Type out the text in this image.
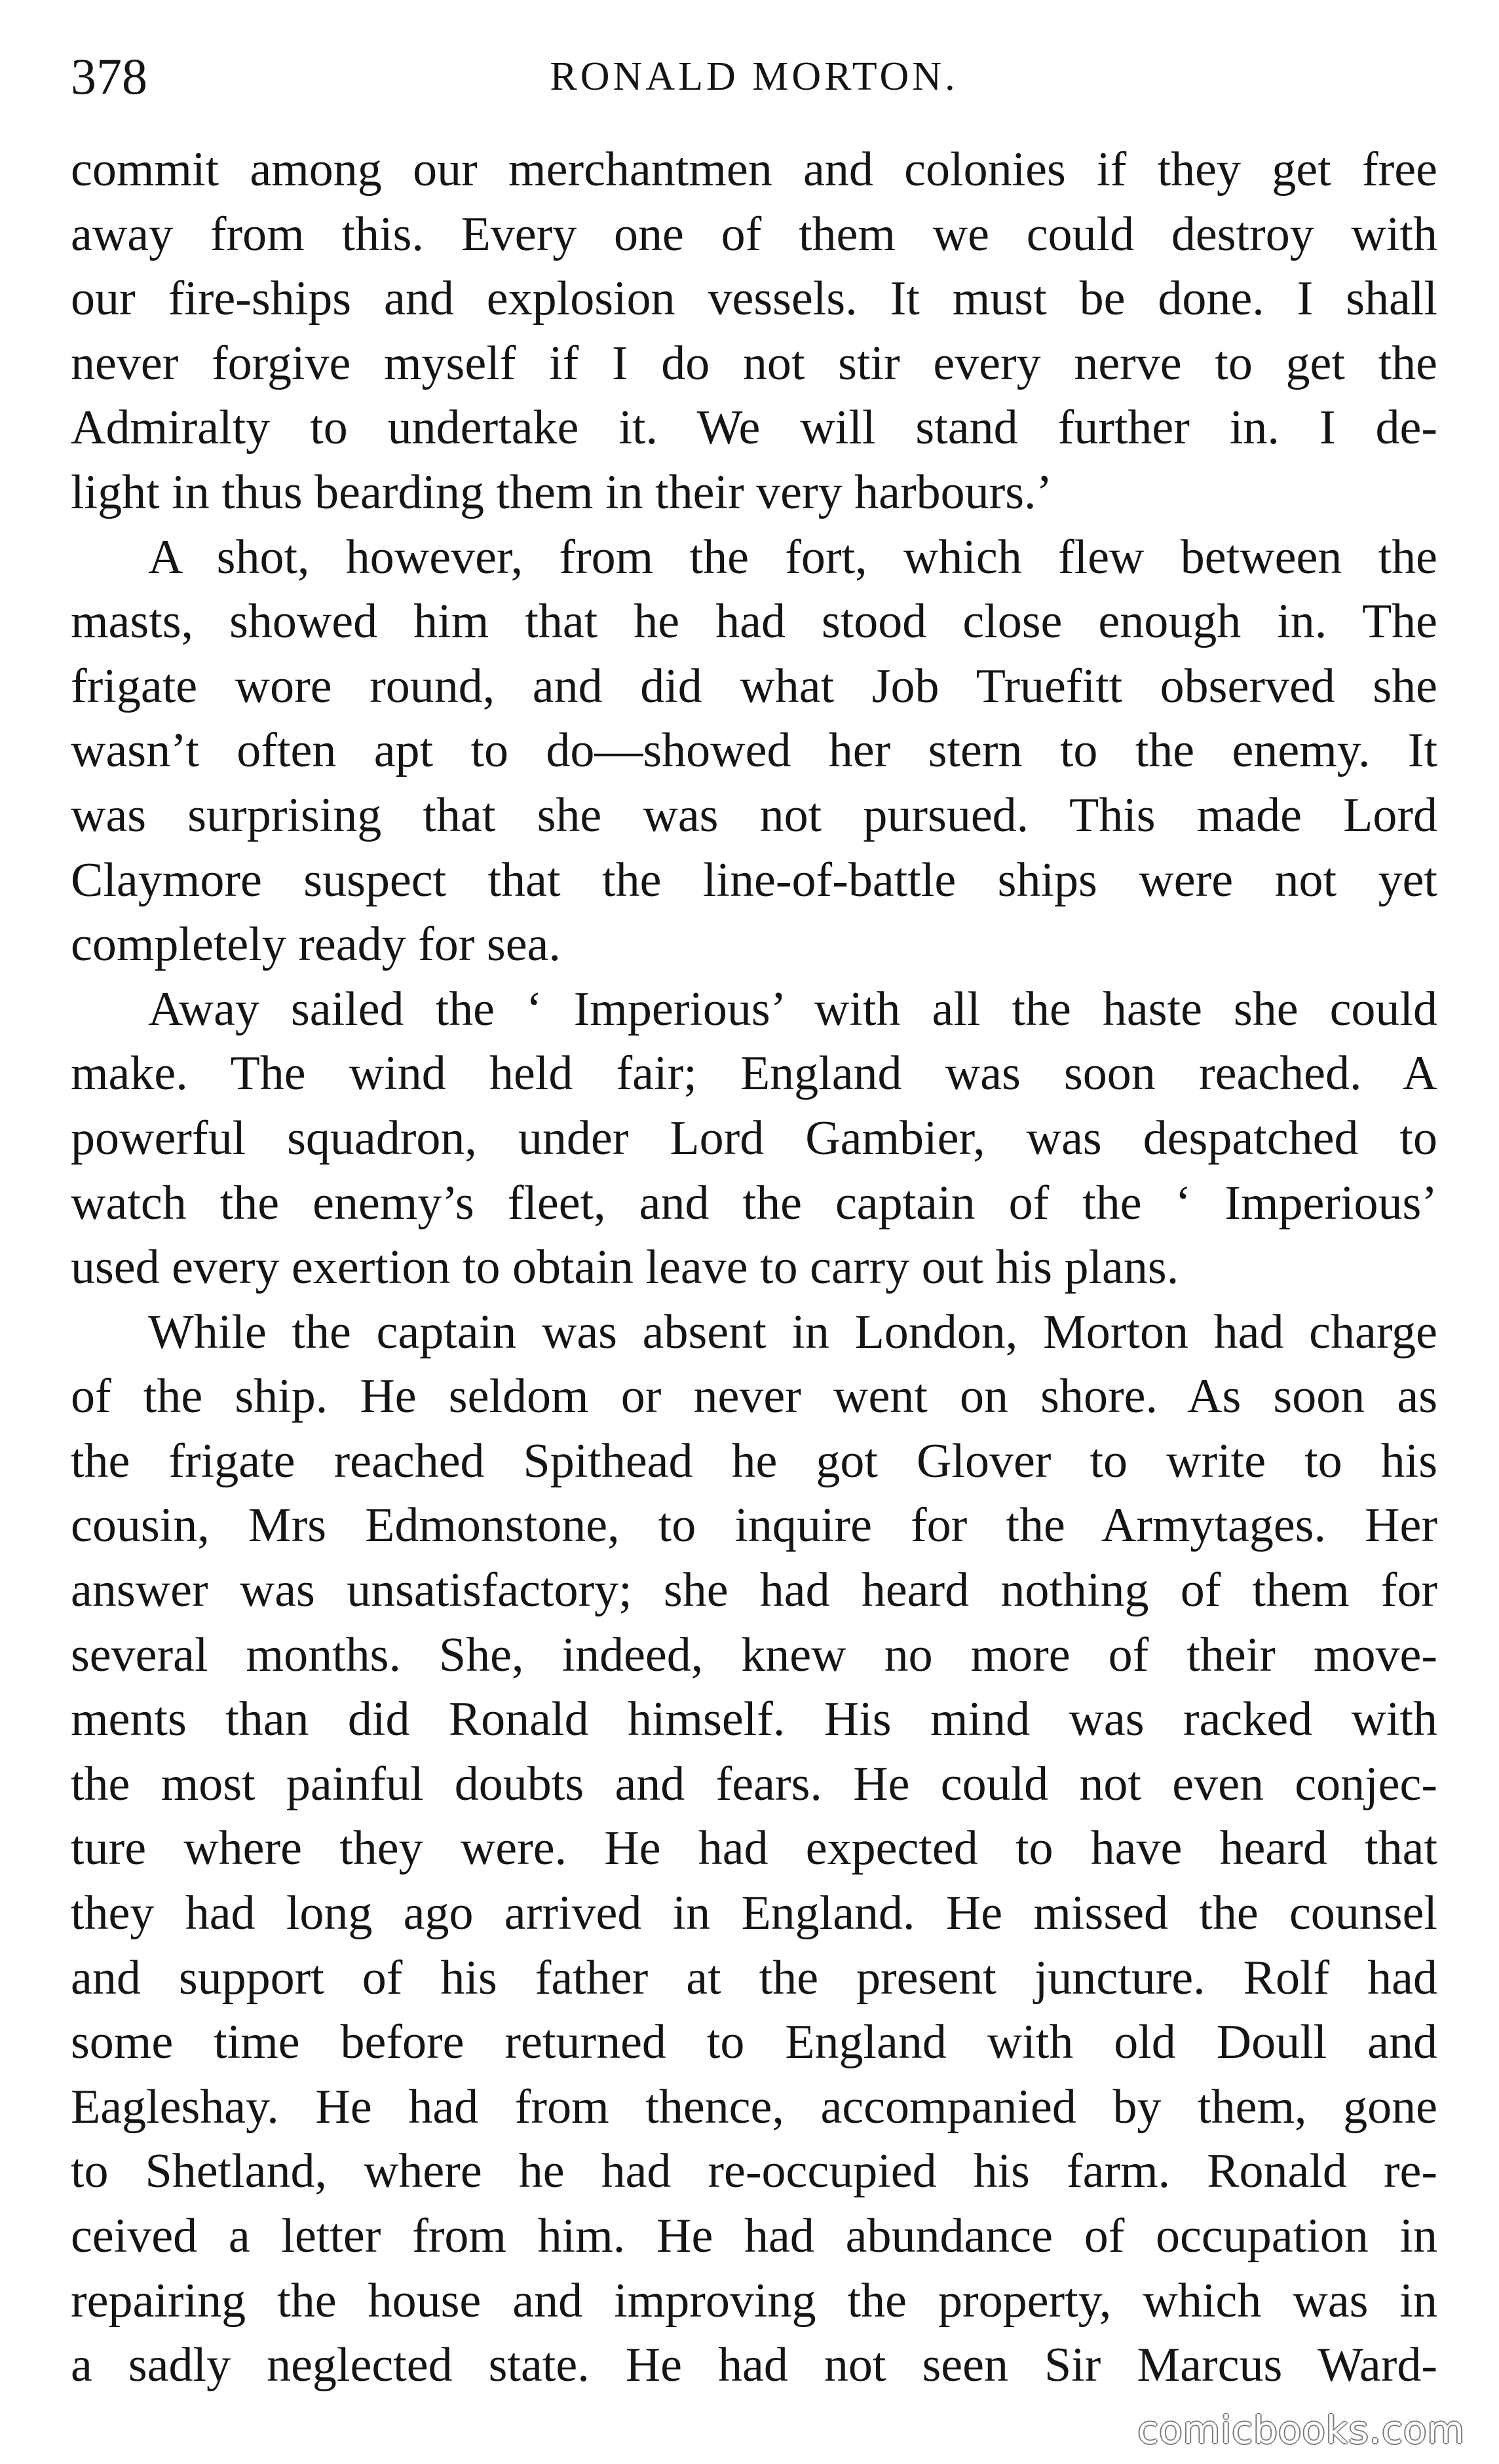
378	RONALD MORTON.
commit among our merchantmen and colonies if they get free
away from this. Every one of them we could destroy with
our fire-ships and explosion vessels. It must be done. I shall
never forgive myself if I do not stir every nerve to get the
Admiralty to undertake it. We will stand further in. I de-
light in thus bearding them in their very harbours.’
A shot, however, from the fort, which flew between the
masts, showed him that he had stood close enough in. The
frigate wore round, and did what Job Truefitt observed she
wasn’t often apt to do—showed her stern to the enemy. It
was surprising that she was not pursued. This made Lord
Claymore suspect that the line-of-battle ships were not yet
completely ready for sea.
Away sailed the ‘ Imperious’ with all the haste she could
make. The wind held fair; England was soon reached. A
powerful squadron, under Lord Gambier, was despatched to
watch the enemy’s fleet, and the captain of the ‘ Imperious’
used every exertion to obtain leave to carry out his plans.
While the captain was absent in London, Morton had charge
of the ship. He seldom or never went on shore. As soon as
the frigate reached Spithead he got Glover to write to his
cousin, Mrs Edmonstone, to inquire for the Armytages. Her
answer was unsatisfactory; she had heard nothing of them for
several months. She, indeed, knew no more of their move-
ments than did Ronald himself. His mind was racked with
the most painful doubts and fears. He could not even conjec-
ture where they were. He had expected to have heard that
they had long ago arrived in England. He missed the counsel
and support of his father at the present juncture. Rolf had
some time before returned to England with old Doull and
Eagleshay. He had from thence, accompanied by them, gone
to Shetland, where he had re-occupied his farm. Ronald re-
ceived a letter from him. He had abundance of occupation in
repairing the house and improving the property, which was in
a sadly neglected state. He had not seen Sir Marcus Ward-
comicbooks.com
